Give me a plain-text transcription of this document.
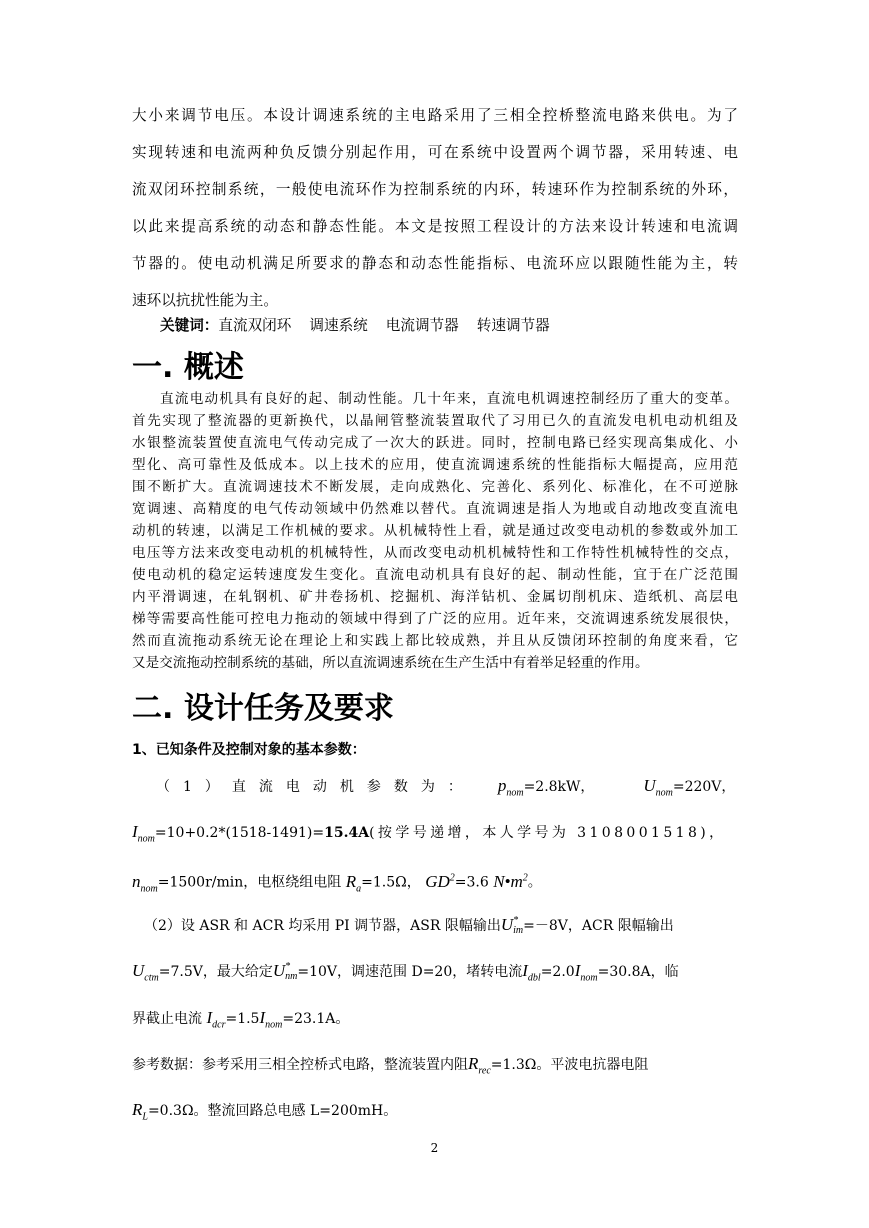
大小来调节电压。本设计调速系统的主电路采用了三相全控桥整流电路来供电。为了
实现转速和电流两种负反馈分别起作用，可在系统中设置两个调节器，采用转速、电
流双闭环控制系统，一般使电流环作为控制系统的内环，转速环作为控制系统的外环，
以此来提高系统的动态和静态性能。本文是按照工程设计的方法来设计转速和电流调
节器的。使电动机满足所要求的静态和动态性能指标、电流环应以跟随性能为主，转
速环以抗扰性能为主。
关键词：直流双闭环 调速系统 电流调节器 转速调节器
一. 概述
直流电动机具有良好的起、制动性能。几十年来，直流电机调速控制经历了重大的变革。
首先实现了整流器的更新换代，以晶闸管整流装置取代了习用已久的直流发电机电动机组及
水银整流装置使直流电气传动完成了一次大的跃进。同时，控制电路已经实现高集成化、小
型化、高可靠性及低成本。以上技术的应用，使直流调速系统的性能指标大幅提高，应用范
围不断扩大。直流调速技术不断发展，走向成熟化、完善化、系列化、标准化，在不可逆脉
宽调速、高精度的电气传动领域中仍然难以替代。直流调速是指人为地或自动地改变直流电
动机的转速，以满足工作机械的要求。从机械特性上看，就是通过改变电动机的参数或外加工
电压等方法来改变电动机的机械特性，从而改变电动机机械特性和工作特性机械特性的交点，
使电动机的稳定运转速度发生变化。直流电动机具有良好的起、制动性能，宜于在广泛范围
内平滑调速，在轧钢机、矿井卷扬机、挖掘机、海洋钻机、金属切削机床、造纸机、高层电
梯等需要高性能可控电力拖动的领域中得到了广泛的应用。近年来，交流调速系统发展很快，
然而直流拖动系统无论在理论上和实践上都比较成熟，并且从反馈闭环控制的角度来看，它
又是交流拖动控制系统的基础，所以直流调速系统在生产生活中有着举足轻重的作用。
二. 设计任务及要求
1、已知条件及控制对象的基本参数：
（1）直流电动机参数为： $p_{nom}=2.8kW$，	$U_{nom}=220V$，
$I_{nom}=10+0.2*(1518-1491)=15.4A$(按学号递增，本人学号为 3108001518)，
$n_{nom}=1500r/\min$，电枢绕组电阻 $R_a=1.5\Omega$， $GD^2=3.6$ $N•m^2$。
（2）设 ASR 和 ACR 均采用 PI 调节器，ASR 限幅输出U *
im =－8V，ACR 限幅输出
$U_{ctm}=7.5V$，最大给定U *
nm =10V，调速范围 D=20，堵转电流$I_{dbl}=2.0I_{nom}=30.8A$，临
界截止电流 $I_{dcr}=1.5I_{nom}=23.1A$。
参考数据：参考采用三相全控桥式电路，整流装置内阻$R_{rec}=1.3\Omega$。平波电抗器电阻
$R_L=0.3\Omega$。整流回路总电感 L=200mH。
2
